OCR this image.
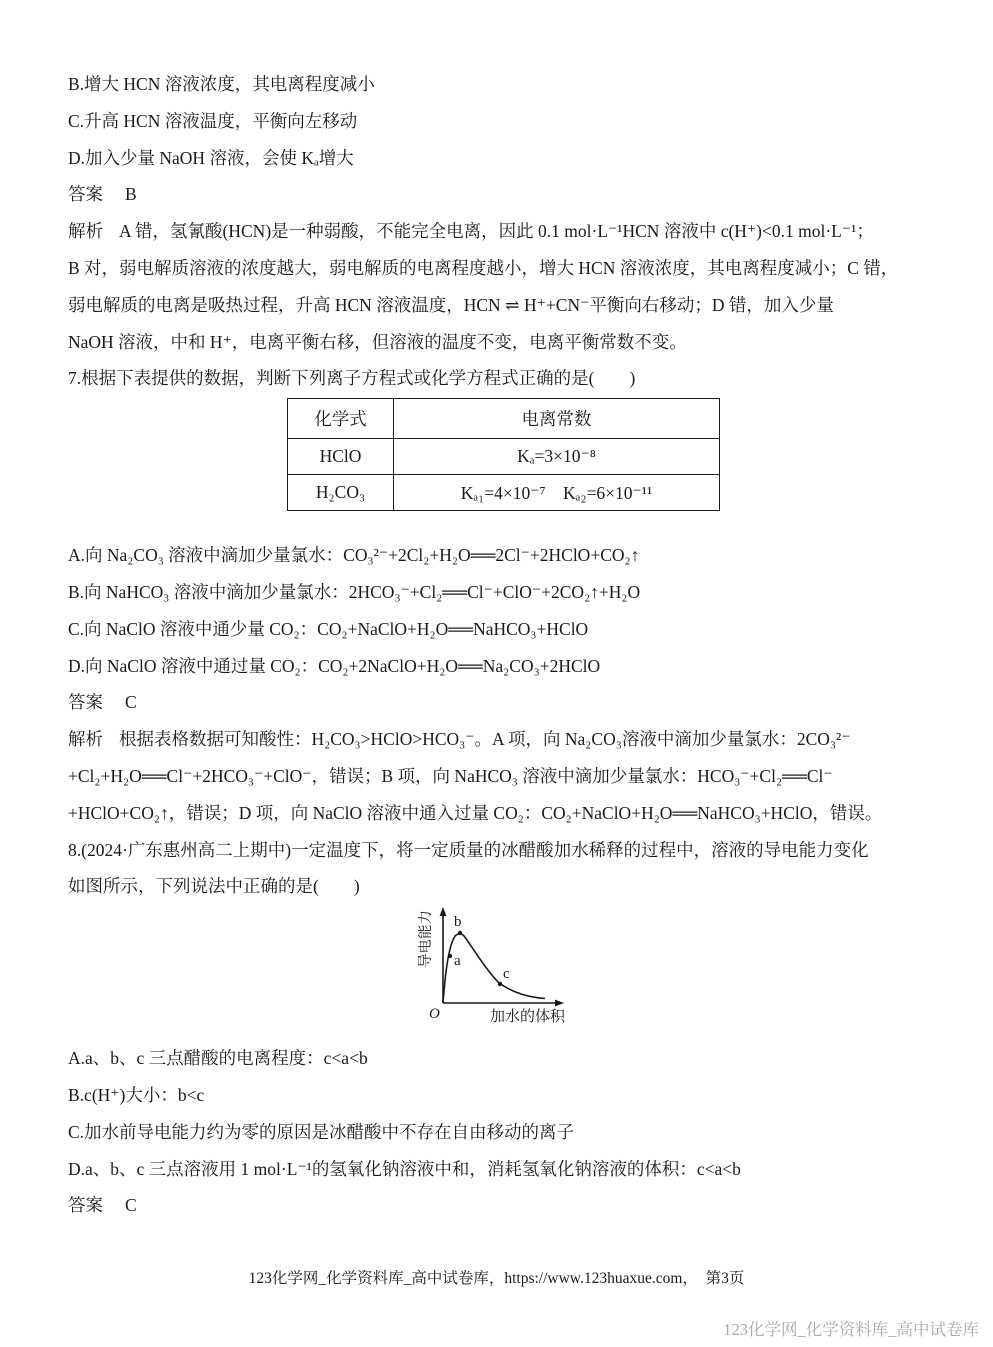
B.增大 HCN 溶液浓度，其电离程度减小
C.升高 HCN 溶液温度，平衡向左移动
D.加入少量 NaOH 溶液，会使 Kₐ增大
答案 B
解析 A 错，氢氰酸(HCN)是一种弱酸，不能完全电离，因此 0.1 mol·L⁻¹HCN 溶液中 c(H⁺)<0.1 mol·L⁻¹；
B 对，弱电解质溶液的浓度越大，弱电解质的电离程度越小，增大 HCN 溶液浓度，其电离程度减小；C 错，
弱电解质的电离是吸热过程，升高 HCN 溶液温度，HCN ⇌ H⁺+CN⁻平衡向右移动；D 错，加入少量
NaOH 溶液，中和 H⁺，电离平衡右移，但溶液的温度不变，电离平衡常数不变。
7.根据下表提供的数据，判断下列离子方程式或化学方程式正确的是(　　)
化学式	电离常数
HClO	Kₐ=3×10⁻⁸
H₂CO₃	Kₐ₁=4×10⁻⁷　Kₐ₂=6×10⁻¹¹
A.向 Na₂CO₃ 溶液中滴加少量氯水：CO₃²⁻+2Cl₂+H₂O══2Cl⁻+2HClO+CO₂↑
B.向 NaHCO₃ 溶液中滴加少量氯水：2HCO₃⁻+Cl₂══Cl⁻+ClO⁻+2CO₂↑+H₂O
C.向 NaClO 溶液中通少量 CO₂：CO₂+NaClO+H₂O══NaHCO₃+HClO
D.向 NaClO 溶液中通过量 CO₂：CO₂+2NaClO+H₂O══Na₂CO₃+2HClO
答案 C
解析 根据表格数据可知酸性：H₂CO₃>HClO>HCO₃⁻。A 项，向 Na₂CO₃溶液中滴加少量氯水：2CO₃²⁻
+Cl₂+H₂O══Cl⁻+2HCO₃⁻+ClO⁻，错误；B 项，向 NaHCO₃ 溶液中滴加少量氯水：HCO₃⁻+Cl₂══Cl⁻
+HClO+CO₂↑，错误；D 项，向 NaClO 溶液中通入过量 CO₂：CO₂+NaClO+H₂O══NaHCO₃+HClO，错误。
8.(2024·广东惠州高二上期中)一定温度下，将一定质量的冰醋酸加水稀释的过程中，溶液的导电能力变化
如图所示，下列说法中正确的是(　　)
a
b
c
O
导电能力
加水的体积
A.a、b、c 三点醋酸的电离程度：c<a<b
B.c(H⁺)大小：b<c
C.加水前导电能力约为零的原因是冰醋酸中不存在自由移动的离子
D.a、b、c 三点溶液用 1 mol·L⁻¹的氢氧化钠溶液中和，消耗氢氧化钠溶液的体积：c<a<b
答案 C
123化学网_化学资料库_高中试卷库，https://www.123huaxue.com，　第3页
123化学网_化学资料库_高中试卷库
